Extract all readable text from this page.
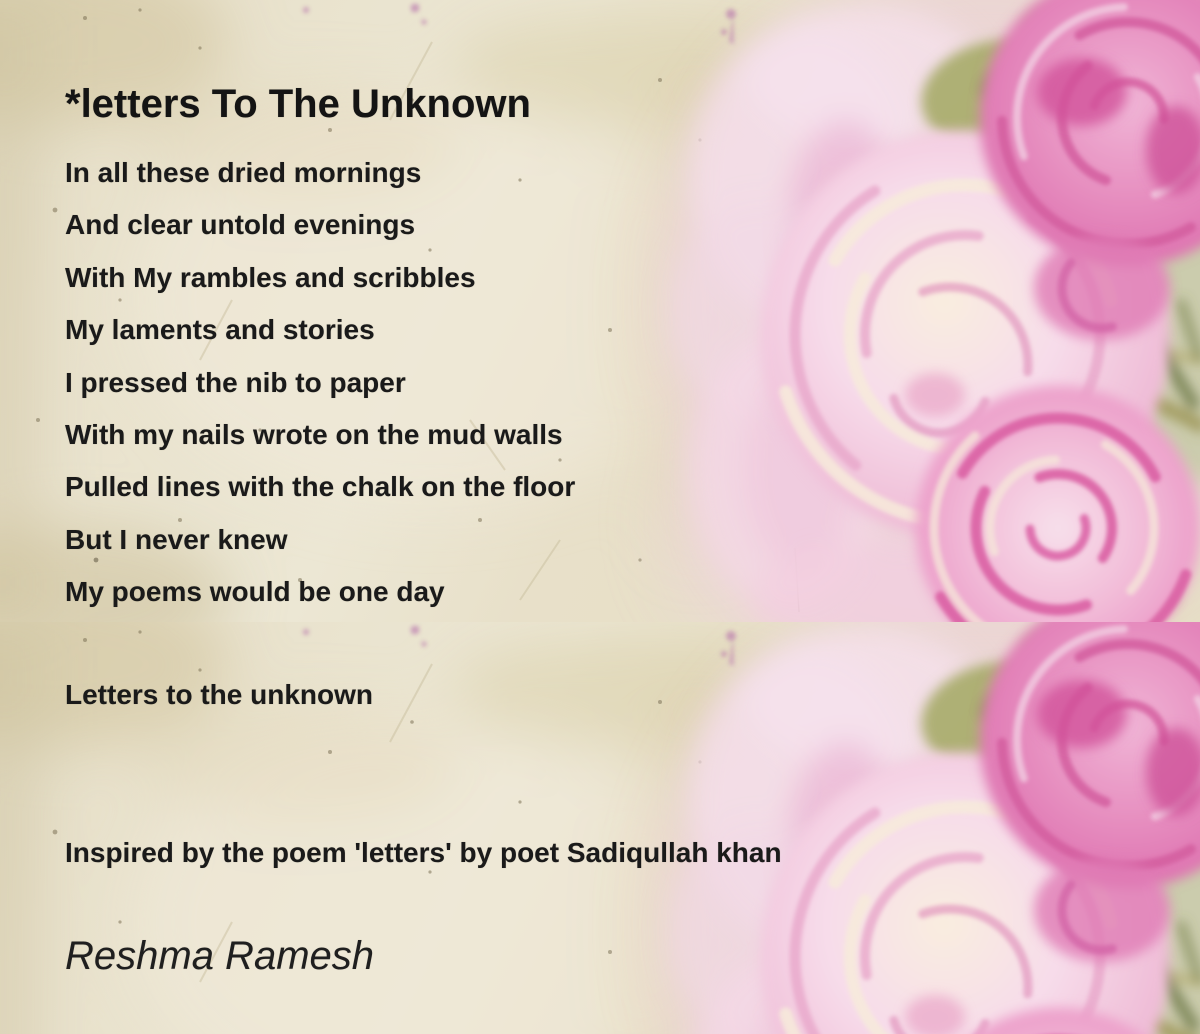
*letters To The Unknown
In all these dried mornings
And clear untold evenings
With My rambles and scribbles
My laments and stories
I pressed the nib to paper
With my nails wrote on the mud walls
Pulled lines with the chalk on the floor
But I never knew
My poems would be one day
Letters to the unknown
Inspired by the poem 'letters' by poet Sadiqullah khan
Reshma Ramesh
